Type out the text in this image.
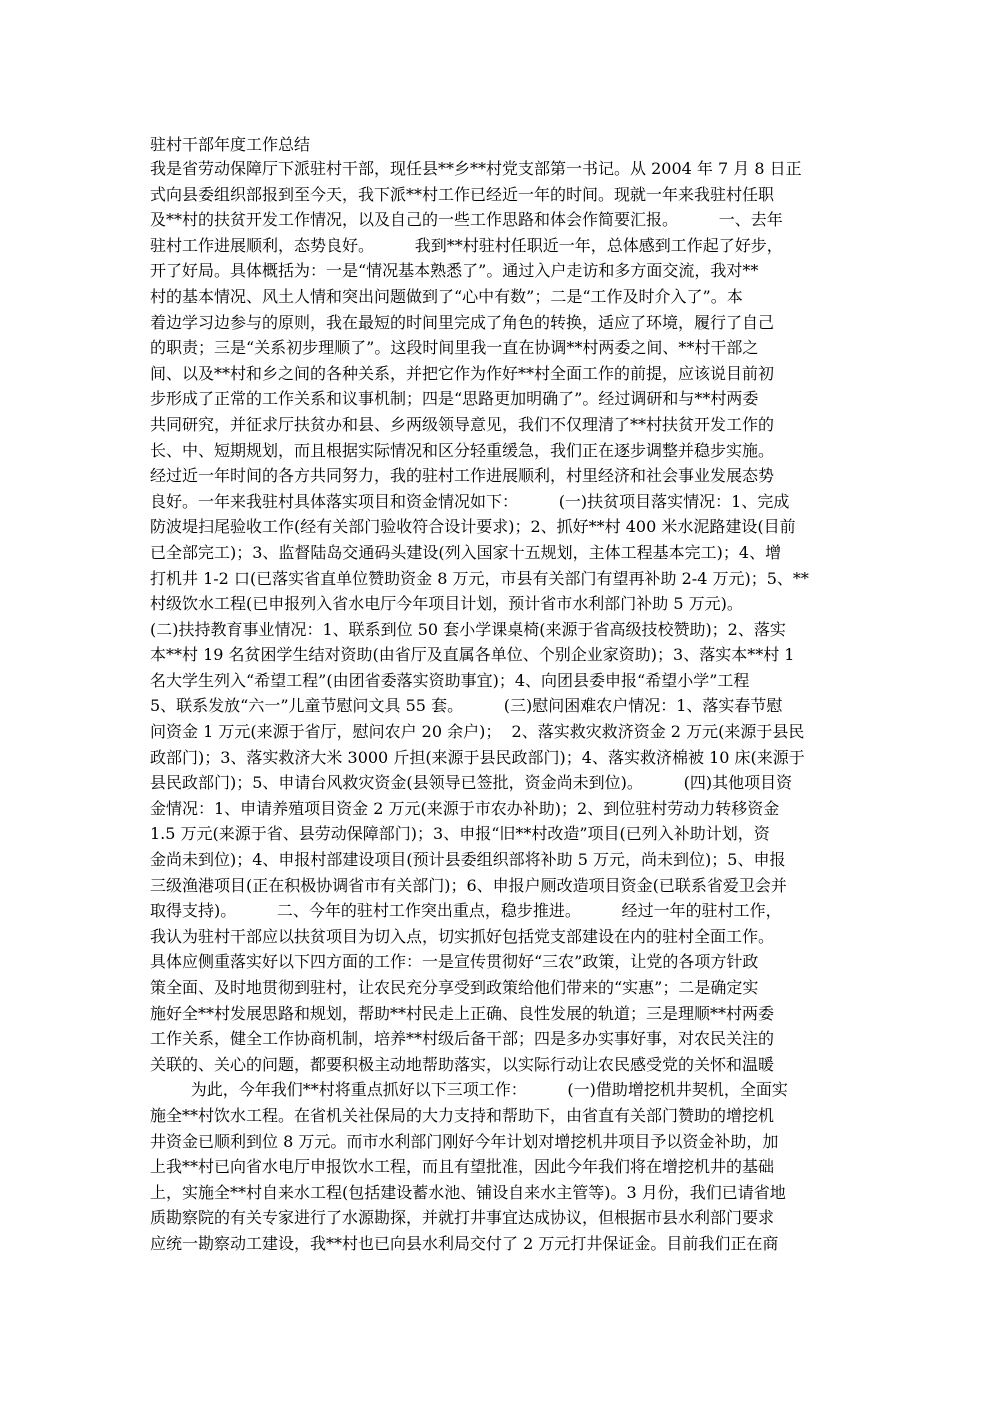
驻村干部年度工作总结
我是省劳动保障厅下派驻村干部，现任县**乡**村党支部第一书记。从 2004 年 7 月 8 日正
式向县委组织部报到至今天，我下派**村工作已经近一年的时间。现就一年来我驻村任职
及**村的扶贫开发工作情况，以及自己的一些工作思路和体会作简要汇报。        一、去年
驻村工作进展顺利，态势良好。        我到**村驻村任职近一年，总体感到工作起了好步，
开了好局。具体概括为：一是“情况基本熟悉了”。通过入户走访和多方面交流，我对**
村的基本情况、风土人情和突出问题做到了“心中有数”；二是“工作及时介入了”。本
着边学习边参与的原则，我在最短的时间里完成了角色的转换，适应了环境，履行了自己
的职责；三是“关系初步理顺了”。这段时间里我一直在协调**村两委之间、**村干部之
间、以及**村和乡之间的各种关系，并把它作为作好**村全面工作的前提，应该说目前初
步形成了正常的工作关系和议事机制；四是“思路更加明确了”。经过调研和与**村两委
共同研究，并征求厅扶贫办和县、乡两级领导意见，我们不仅理清了**村扶贫开发工作的
长、中、短期规划，而且根据实际情况和区分轻重缓急，我们正在逐步调整并稳步实施。
经过近一年时间的各方共同努力，我的驻村工作进展顺利，村里经济和社会事业发展态势
良好。一年来我驻村具体落实项目和资金情况如下：        (一)扶贫项目落实情况：1、完成
防波堤扫尾验收工作(经有关部门验收符合设计要求)；2、抓好**村 400 米水泥路建设(目前
已全部完工)；3、监督陆岛交通码头建设(列入国家十五规划，主体工程基本完工)；4、增
打机井 1-2 口(已落实省直单位赞助资金 8 万元，市县有关部门有望再补助 2-4 万元)；5、**
村级饮水工程(已申报列入省水电厅今年项目计划，预计省市水利部门补助 5 万元)。
(二)扶持教育事业情况：1、联系到位 50 套小学课桌椅(来源于省高级技校赞助)；2、落实
本**村 19 名贫困学生结对资助(由省厅及直属各单位、个别企业家资助)；3、落实本**村 1
名大学生列入“希望工程”(由团省委落实资助事宜)；4、向团县委申报“希望小学”工程
5、联系发放“六一”儿童节慰问文具 55 套。        (三)慰问困难农户情况：1、落实春节慰
问资金 1 万元(来源于省厅，慰问农户 20 余户)；  2、落实救灾救济资金 2 万元(来源于县民
政部门)；3、落实救济大米 3000 斤担(来源于县民政部门)；4、落实救济棉被 10 床(来源于
县民政部门)；5、申请台风救灾资金(县领导已签批，资金尚未到位)。        (四)其他项目资
金情况：1、申请养殖项目资金 2 万元(来源于市农办补助)；2、到位驻村劳动力转移资金
1.5 万元(来源于省、县劳动保障部门)；3、申报“旧**村改造”项目(已列入补助计划，资
金尚未到位)；4、申报村部建设项目(预计县委组织部将补助 5 万元，尚未到位)；5、申报
三级渔港项目(正在积极协调省市有关部门)；6、申报户厕改造项目资金(已联系省爱卫会并
取得支持)。        二、今年的驻村工作突出重点，稳步推进。        经过一年的驻村工作，
我认为驻村干部应以扶贫项目为切入点，切实抓好包括党支部建设在内的驻村全面工作。
具体应侧重落实好以下四方面的工作：一是宣传贯彻好“三农”政策，让党的各项方针政
策全面、及时地贯彻到驻村，让农民充分享受到政策给他们带来的“实惠”；二是确定实
施好全**村发展思路和规划，帮助**村民走上正确、良性发展的轨道；三是理顺**村两委
工作关系，健全工作协商机制，培养**村级后备干部；四是多办实事好事，对农民关注的
关联的、关心的问题，都要积极主动地帮助落实，以实际行动让农民感受党的关怀和温暖
为此，今年我们**村将重点抓好以下三项工作：        (一)借助增挖机井契机，全面实
施全**村饮水工程。在省机关社保局的大力支持和帮助下，由省直有关部门赞助的增挖机
井资金已顺利到位 8 万元。而市水利部门刚好今年计划对增挖机井项目予以资金补助，加
上我**村已向省水电厅申报饮水工程，而且有望批准，因此今年我们将在增挖机井的基础
上，实施全**村自来水工程(包括建设蓄水池、铺设自来水主管等)。3 月份，我们已请省地
质勘察院的有关专家进行了水源勘探，并就打井事宜达成协议，但根据市县水利部门要求
应统一勘察动工建设，我**村也已向县水利局交付了 2 万元打井保证金。目前我们正在商
